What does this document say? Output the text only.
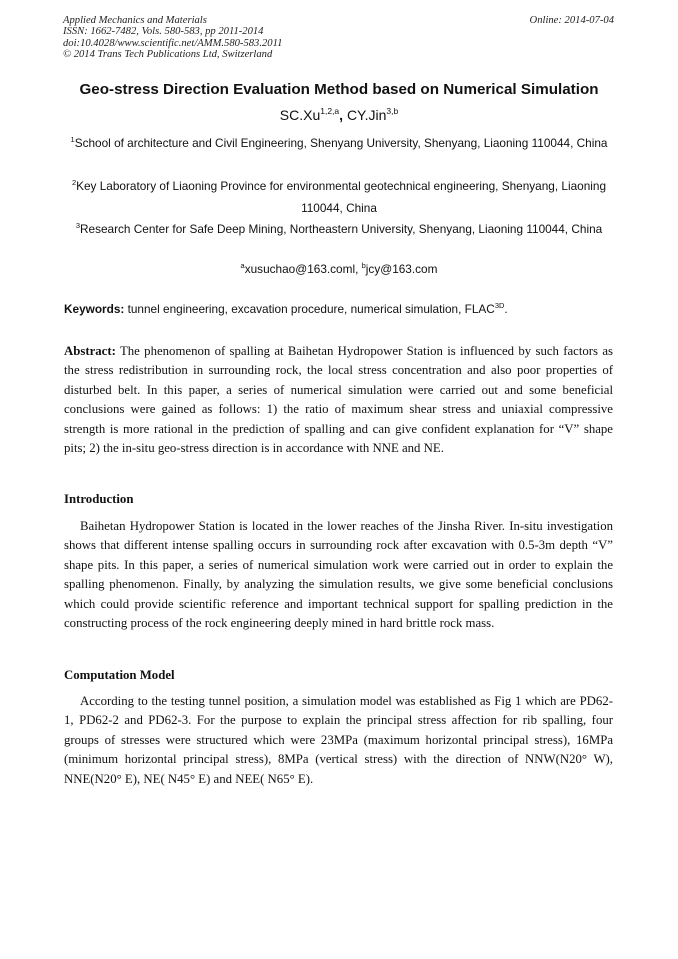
Applied Mechanics and Materials
ISSN: 1662-7482, Vols. 580-583, pp 2011-2014
doi:10.4028/www.scientific.net/AMM.580-583.2011
© 2014 Trans Tech Publications Ltd, Switzerland
Online: 2014-07-04
Geo-stress Direction Evaluation Method based on Numerical Simulation
SC.Xu$^{1,2,a}$, CY.Jin$^{3,b}$
$^1$School of architecture and Civil Engineering, Shenyang University, Shenyang, Liaoning 110044, China
$^2$Key Laboratory of Liaoning Province for environmental geotechnical engineering, Shenyang, Liaoning 110044, China
$^3$Research Center for Safe Deep Mining, Northeastern University, Shenyang, Liaoning 110044, China
$^a$xusuchao@163.coml, $^b$jcy@163.com
Keywords: tunnel engineering, excavation procedure, numerical simulation, $FLAC^{3D}$.
Abstract: The phenomenon of spalling at Baihetan Hydropower Station is influenced by such factors as the stress redistribution in surrounding rock, the local stress concentration and also poor properties of disturbed belt. In this paper, a series of numerical simulation were carried out and some beneficial conclusions were gained as follows: 1) the ratio of maximum shear stress and uniaxial compressive strength is more rational in the prediction of spalling and can give confident explanation for “V” shape pits; 2) the in-situ geo-stress direction is in accordance with NNE and NE.
Introduction
Baihetan Hydropower Station is located in the lower reaches of the Jinsha River. In-situ investigation shows that different intense spalling occurs in surrounding rock after excavation with 0.5-3m depth “V” shape pits. In this paper, a series of numerical simulation work were carried out in order to explain the spalling phenomenon. Finally, by analyzing the simulation results, we give some beneficial conclusions which could provide scientific reference and important technical support for spalling prediction in the constructing process of the rock engineering deeply mined in hard brittle rock mass.
Computation Model
According to the testing tunnel position, a simulation model was established as Fig 1 which are PD62-1, PD62-2 and PD62-3. For the purpose to explain the principal stress affection for rib spalling, four groups of stresses were structured which were 23MPa (maximum horizontal principal stress), 16MPa (minimum horizontal principal stress), 8MPa (vertical stress) with the direction of NNW(N20° W), NNE(N20° E), NE( N45° E) and NEE( N65° E).
